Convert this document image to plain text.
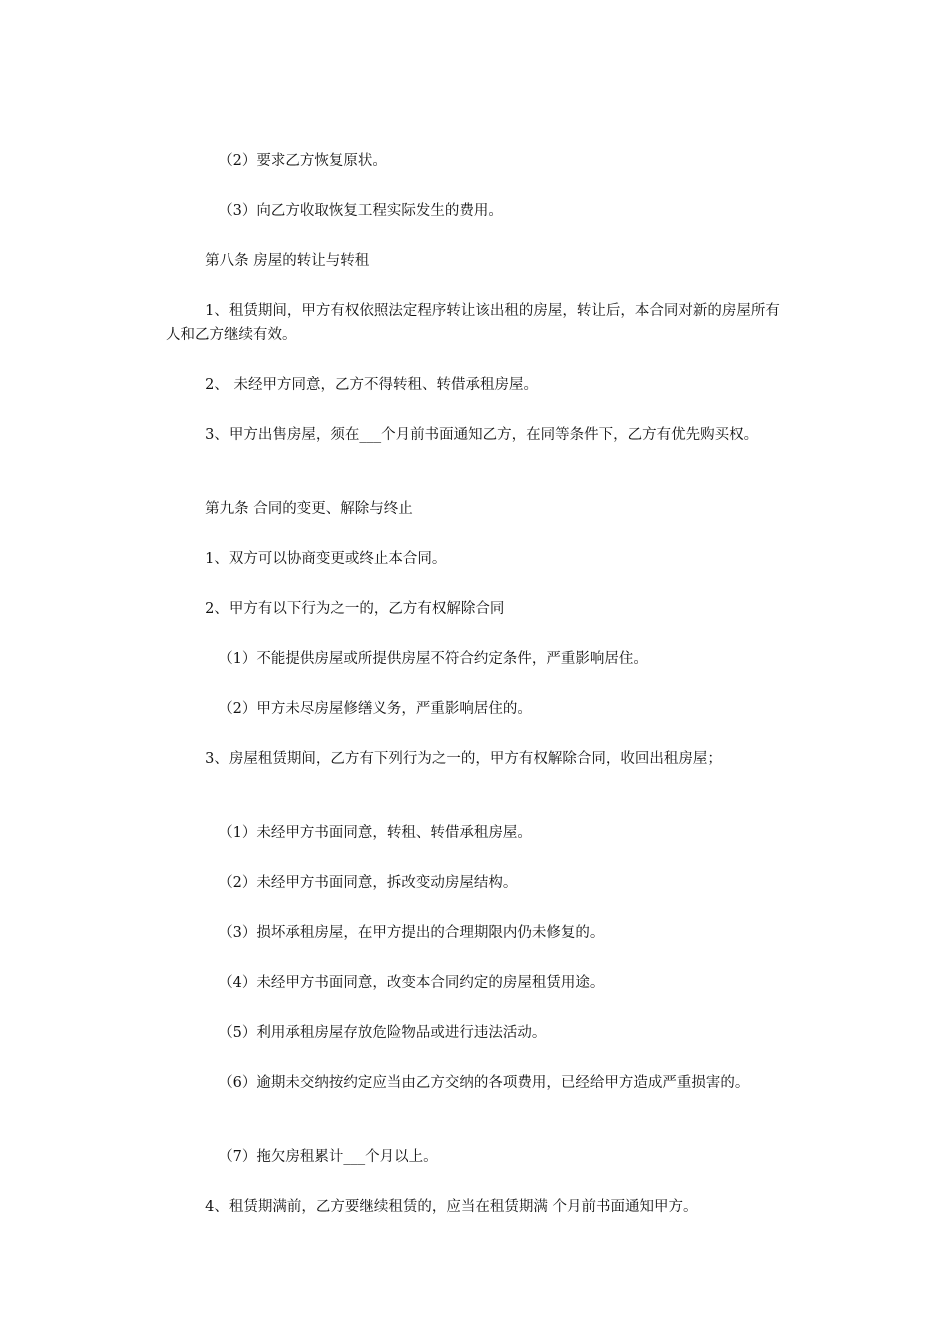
（2）要求乙方恢复原状。

（3）向乙方收取恢复工程实际发生的费用。

第八条 房屋的转让与转租

1、租赁期间，甲方有权依照法定程序转让该出租的房屋，转让后，本合同对新的房屋所有人和乙方继续有效。

2、 未经甲方同意，乙方不得转租、转借承租房屋。

3、甲方出售房屋，须在___个月前书面通知乙方，在同等条件下，乙方有优先购买权。

第九条 合同的变更、解除与终止

1、双方可以协商变更或终止本合同。

2、甲方有以下行为之一的，乙方有权解除合同

（1）不能提供房屋或所提供房屋不符合约定条件，严重影响居住。

（2）甲方未尽房屋修缮义务，严重影响居住的。

3、房屋租赁期间，乙方有下列行为之一的，甲方有权解除合同，收回出租房屋；

（1）未经甲方书面同意，转租、转借承租房屋。

（2）未经甲方书面同意，拆改变动房屋结构。

（3）损坏承租房屋，在甲方提出的合理期限内仍未修复的。

（4）未经甲方书面同意，改变本合同约定的房屋租赁用途。

（5）利用承租房屋存放危险物品或进行违法活动。

（6）逾期未交纳按约定应当由乙方交纳的各项费用，已经给甲方造成严重损害的。

（7）拖欠房租累计___个月以上。

4、租赁期满前，乙方要继续租赁的，应当在租赁期满 个月前书面通知甲方。
